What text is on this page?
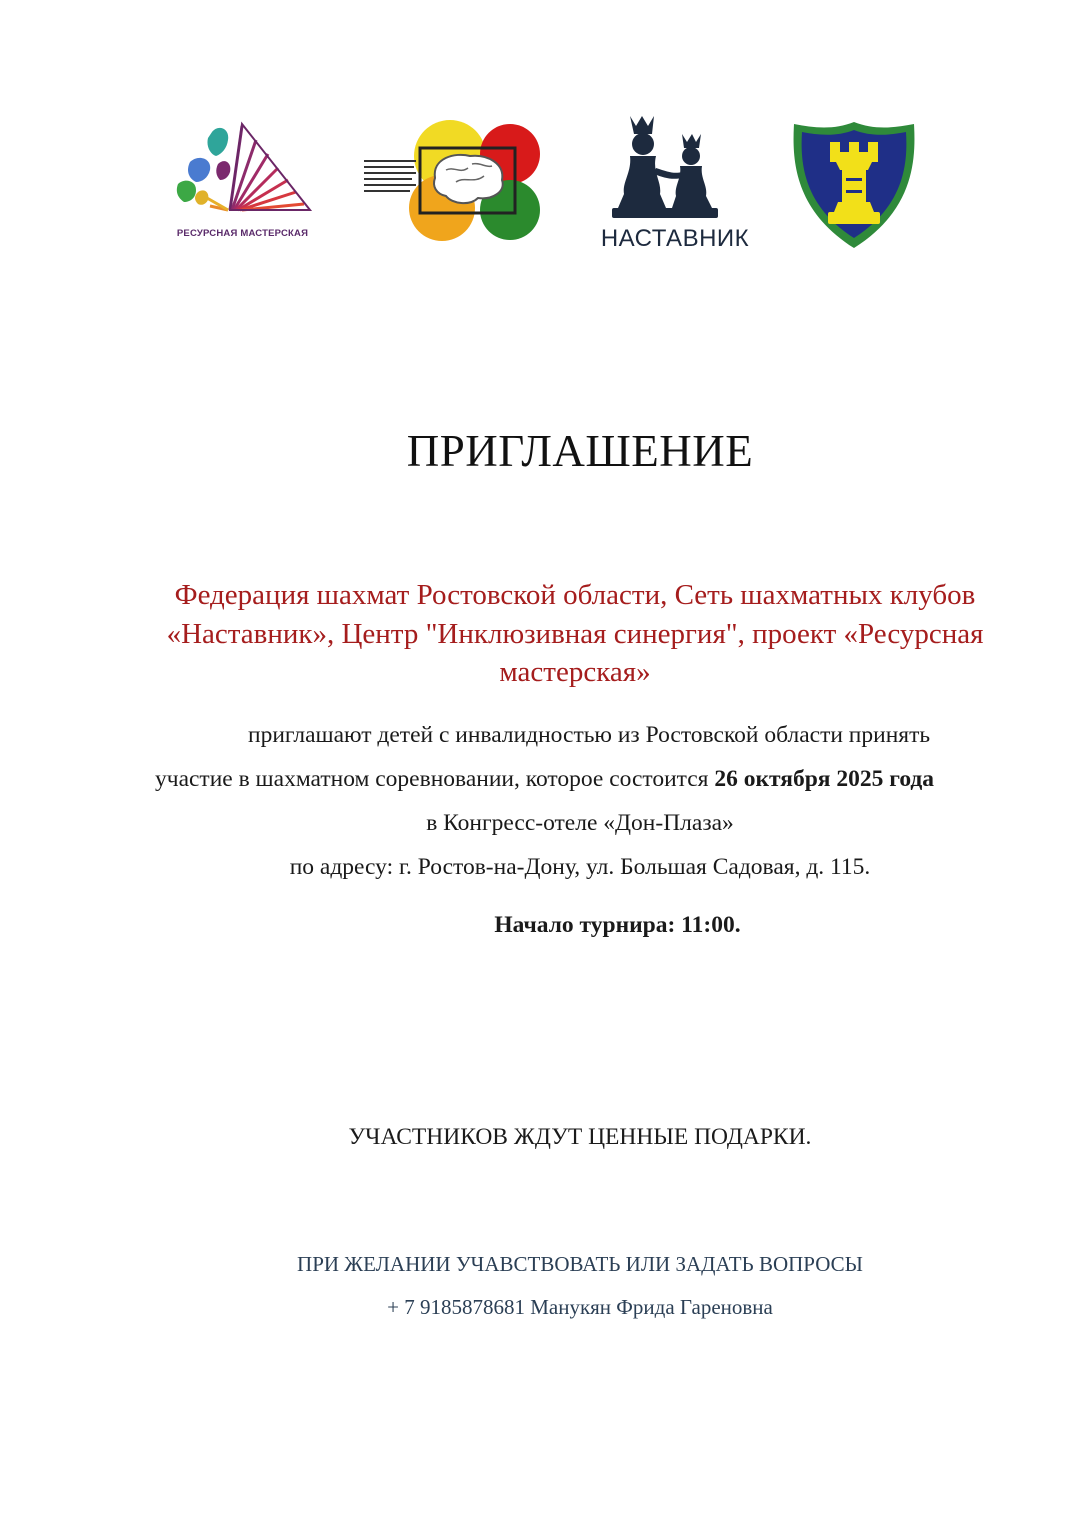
РЕСУРСНАЯ МАСТЕРСКАЯ	НАСТАВНИК
ПРИГЛАШЕНИЕ
Федерация шахмат Ростовской области, Сеть шахматных клубов «Наставник», Центр "Инклюзивная синергия", проект «Ресурсная мастерская»
приглашают детей с инвалидностью из Ростовской области принять
участие в шахматном соревновании, которое состоится 26 октября 2025 года
в Конгресс-отеле «Дон-Плаза»
по адресу: г. Ростов-на-Дону, ул. Большая Садовая, д. 115.
Начало турнира: 11:00.
УЧАСТНИКОВ ЖДУТ ЦЕННЫЕ ПОДАРКИ.
ПРИ ЖЕЛАНИИ УЧАВСТВОВАТЬ ИЛИ ЗАДАТЬ ВОПРОСЫ
+ 7 9185878681 Манукян Фрида Гареновна
